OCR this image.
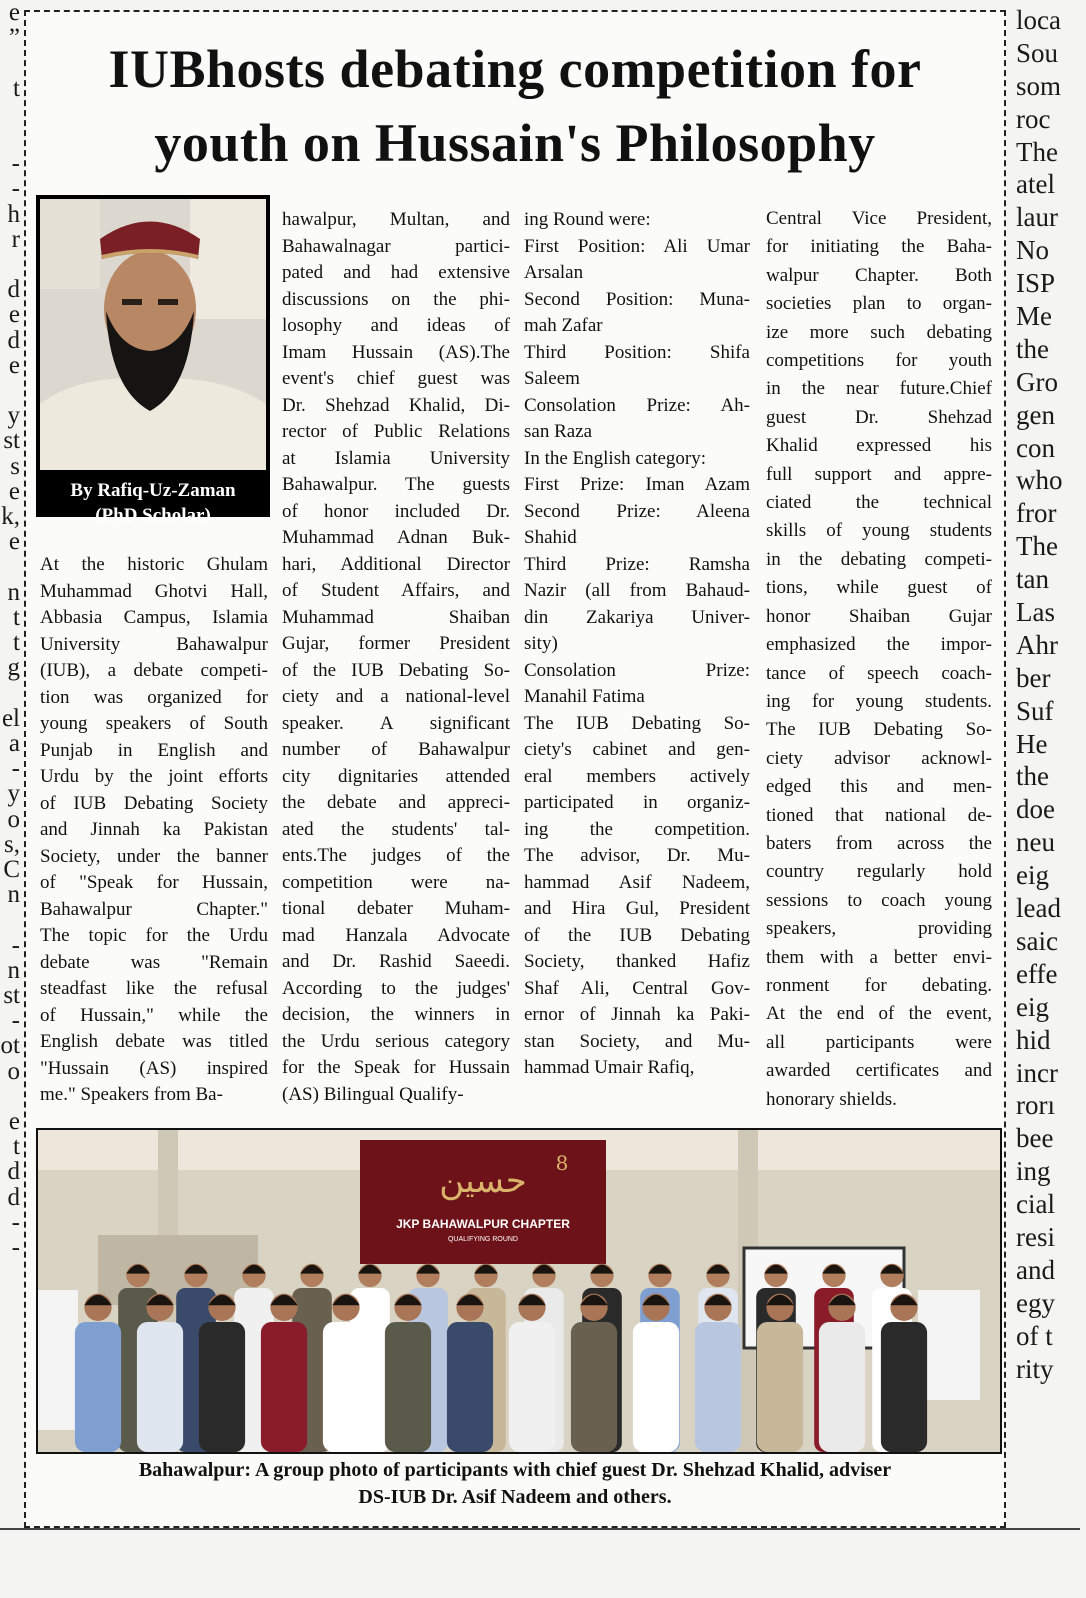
e
”

t

-
-
h
r

d
e
d
e

y
st
s
e
k,
e

n
t
t
g

el
a
-
y
o
s,
C
n

-
n
st
-
ot
o

e
t
d
d
-
-
loca
Sou
som
roc
The
atel
laur
No
ISP
Me
the
Gro
gen
con
who
fror
The
tan
Las
Ahr
ber
Suf
He
the
doe
neu
eig
lead
saic
effe
eig
hid
incr
rorı
bee
ing
cial
resi
and
egy
of t
rity
IUBhosts debating competition for
youth on Hussain's Philosophy
By Rafiq-Uz-Zaman
(PhD Scholar)
At the historic Ghulam
Muhammad Ghotvi Hall,
Abbasia Campus, Islamia
University Bahawalpur
(IUB), a debate competi-
tion was organized for
young speakers of South
Punjab in English and
Urdu by the joint efforts
of IUB Debating Society
and Jinnah ka Pakistan
Society, under the banner
of "Speak for Hussain,
Bahawalpur Chapter."
The topic for the Urdu
debate was "Remain
steadfast like the refusal
of Hussain," while the
English debate was titled
"Hussain (AS) inspired
me." Speakers from Ba-
hawalpur, Multan, and
Bahawalnagar partici-
pated and had extensive
discussions on the phi-
losophy and ideas of
Imam Hussain (AS).The
event's chief guest was
Dr. Shehzad Khalid, Di-
rector of Public Relations
at Islamia University
Bahawalpur. The guests
of honor included Dr.
Muhammad Adnan Buk-
hari, Additional Director
of Student Affairs, and
Muhammad Shaiban
Gujar, former President
of the IUB Debating So-
ciety and a national-level
speaker. A significant
number of Bahawalpur
city dignitaries attended
the debate and appreci-
ated the students' tal-
ents.The judges of the
competition were na-
tional debater Muham-
mad Hanzala Advocate
and Dr. Rashid Saeedi.
According to the judges'
decision, the winners in
the Urdu serious category
for the Speak for Hussain
(AS) Bilingual Qualify-
ing Round were:
First Position: Ali Umar
Arsalan
Second Position: Muna-
mah Zafar
Third Position: Shifa
Saleem
Consolation Prize: Ah-
san Raza
In the English category:
First Prize: Iman Azam
Second Prize: Aleena
Shahid
Third Prize: Ramsha
Nazir (all from Bahaud-
din Zakariya Univer-
sity)
Consolation Prize:
Manahil Fatima
The IUB Debating So-
ciety's cabinet and gen-
eral members actively
participated in organiz-
ing the competition.
The advisor, Dr. Mu-
hammad Asif Nadeem,
and Hira Gul, President
of the IUB Debating
Society, thanked Hafiz
Shaf Ali, Central Gov-
ernor of Jinnah ka Paki-
stan Society, and Mu-
hammad Umair Rafiq,
Central Vice President,
for initiating the Baha-
walpur Chapter. Both
societies plan to organ-
ize more such debating
competitions for youth
in the near future.Chief
guest Dr. Shehzad
Khalid expressed his
full support and appre-
ciated the technical
skills of young students
in the debating competi-
tions, while guest of
honor Shaiban Gujar
emphasized the impor-
tance of speech coach-
ing for young students.
The IUB Debating So-
ciety advisor acknowl-
edged this and men-
tioned that national de-
baters from across the
country regularly hold
sessions to coach young
speakers, providing
them with a better envi-
ronment for debating.
At the end of the event,
all participants were
awarded certificates and
honorary shields.
حسین 8
JKP BAHAWALPUR CHAPTER
QUALIFYING ROUND
Bahawalpur: A group photo of participants with chief guest Dr. Shehzad Khalid, adviser
DS-IUB Dr. Asif Nadeem and others.
